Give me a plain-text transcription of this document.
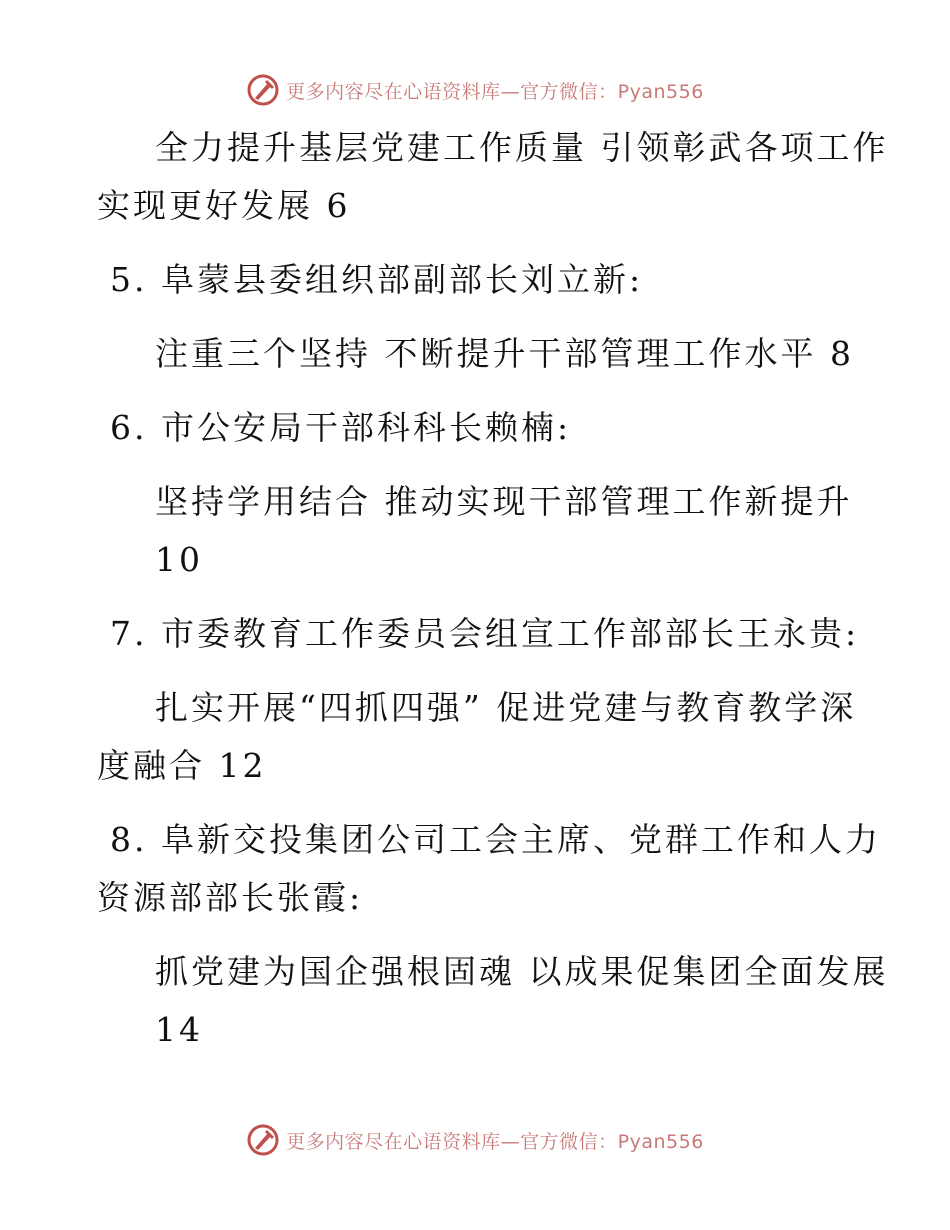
更多内容尽在心语资料库—官方微信：Pyan556
全力提升基层党建工作质量 引领彰武各项工作
实现更好发展 6
5. 阜蒙县委组织部副部长刘立新:
注重三个坚持 不断提升干部管理工作水平 8
6. 市公安局干部科科长赖楠:
坚持学用结合 推动实现干部管理工作新提升
10
7. 市委教育工作委员会组宣工作部部长王永贵:
扎实开展“四抓四强” 促进党建与教育教学深
度融合 12
8. 阜新交投集团公司工会主席、党群工作和人力
资源部部长张霞:
抓党建为国企强根固魂 以成果促集团全面发展
14
更多内容尽在心语资料库—官方微信：Pyan556
